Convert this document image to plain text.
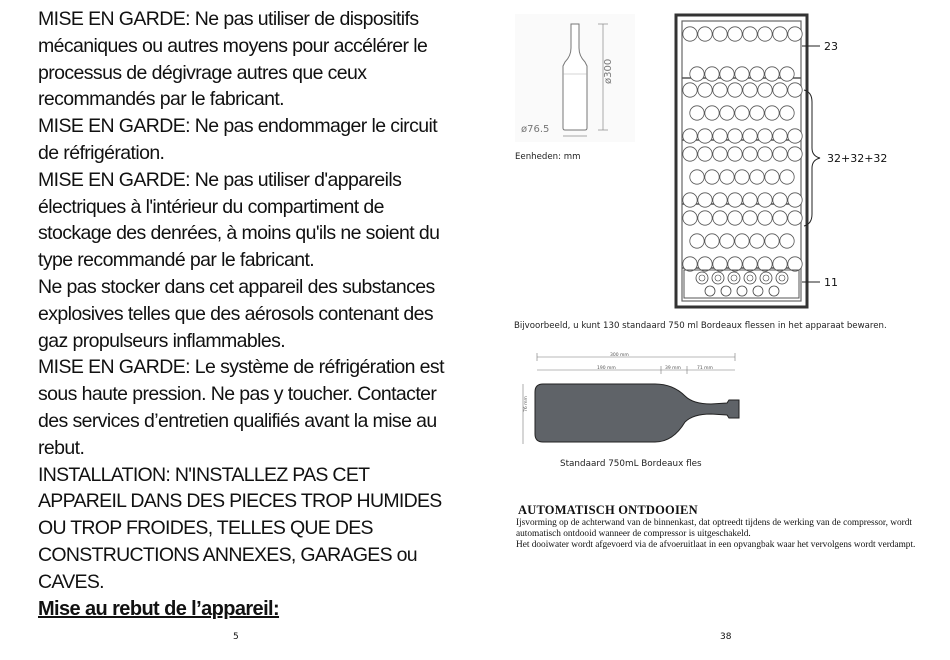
MISE EN GARDE: Ne pas utiliser de dispositifs mécaniques ou autres moyens pour accélérer le processus de dégivrage autres que ceux recommandés par le fabricant.

MISE EN GARDE: Ne pas endommager le circuit de réfrigération.

MISE EN GARDE: Ne pas utiliser d'appareils électriques à l'intérieur du compartiment de stockage des denrées, à moins qu'ils ne soient du type recommandé par le fabricant.

Ne pas stocker dans cet appareil des substances explosives telles que des aérosols contenant des gaz propulseurs inflammables.

MISE EN GARDE: Le système de réfrigération est sous haute pression. Ne pas y toucher. Contacter des services d’entretien qualifiés avant la mise au rebut.

INSTALLATION: N'INSTALLEZ PAS CET APPAREIL DANS DES PIECES TROP HUMIDES OU TROP FROIDES, TELLES QUE DES CONSTRUCTIONS ANNEXES, GARAGES ou CAVES.

Mise au rebut de l’appareil:
5
ø300
ø76.5
Eenheden: mm
23
32+32+32
11
Bijvoorbeeld, u kunt 130 standaard 750 ml Bordeaux flessen in het apparaat bewaren.
300 mm
190 mm	39 mm	71 mm
76 mm
Standaard 750mL Bordeaux fles
AUTOMATISCH ONTDOOIEN

Ijsvorming op de achterwand van de binnenkast, dat optreedt tijdens de werking van de compressor, wordt automatisch ontdooid wanneer de compressor is uitgeschakeld.

Het dooiwater wordt afgevoerd via de afvoeruitlaat in een opvangbak waar het vervolgens wordt verdampt.

38
